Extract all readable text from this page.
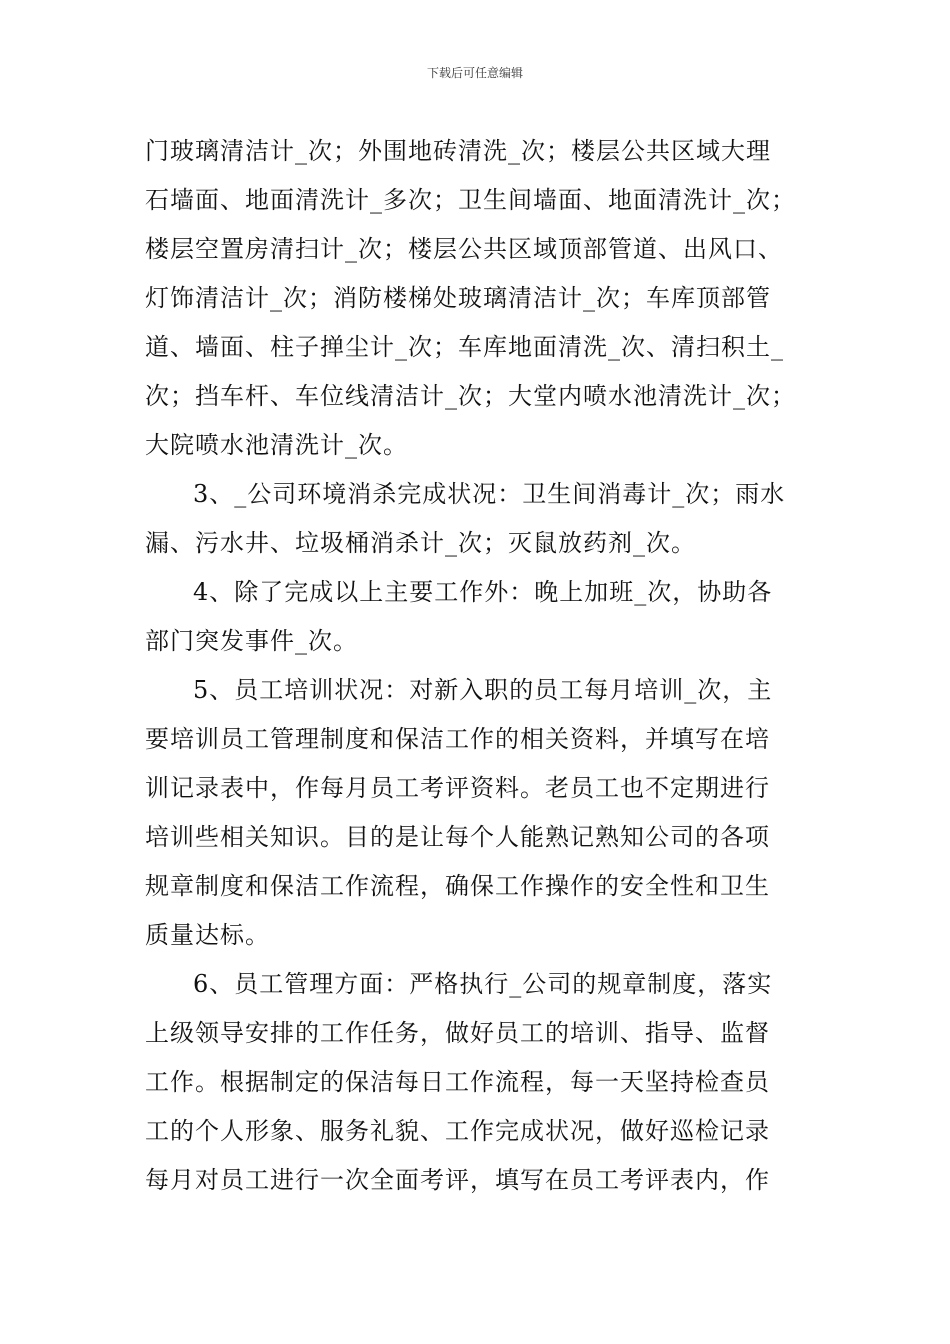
下载后可任意编辑
门玻璃清洁计_次；外围地砖清洗_次；楼层公共区域大理
石墙面、地面清洗计_多次；卫生间墙面、地面清洗计_次；
楼层空置房清扫计_次；楼层公共区域顶部管道、出风口、
灯饰清洁计_次；消防楼梯处玻璃清洁计_次；车库顶部管
道、墙面、柱子掸尘计_次；车库地面清洗_次、清扫积土_
次；挡车杆、车位线清洁计_次；大堂内喷水池清洗计_次；
大院喷水池清洗计_次。
3、_公司环境消杀完成状况：卫生间消毒计_次；雨水
漏、污水井、垃圾桶消杀计_次；灭鼠放药剂_次。
4、除了完成以上主要工作外：晚上加班_次，协助各
部门突发事件_次。
5、员工培训状况：对新入职的员工每月培训_次，主
要培训员工管理制度和保洁工作的相关资料，并填写在培
训记录表中，作每月员工考评资料。老员工也不定期进行
培训些相关知识。目的是让每个人能熟记熟知公司的各项
规章制度和保洁工作流程，确保工作操作的安全性和卫生
质量达标。
6、员工管理方面：严格执行_公司的规章制度，落实
上级领导安排的工作任务，做好员工的培训、指导、监督
工作。根据制定的保洁每日工作流程，每一天坚持检查员
工的个人形象、服务礼貌、工作完成状况，做好巡检记录
每月对员工进行一次全面考评，填写在员工考评表内，作
